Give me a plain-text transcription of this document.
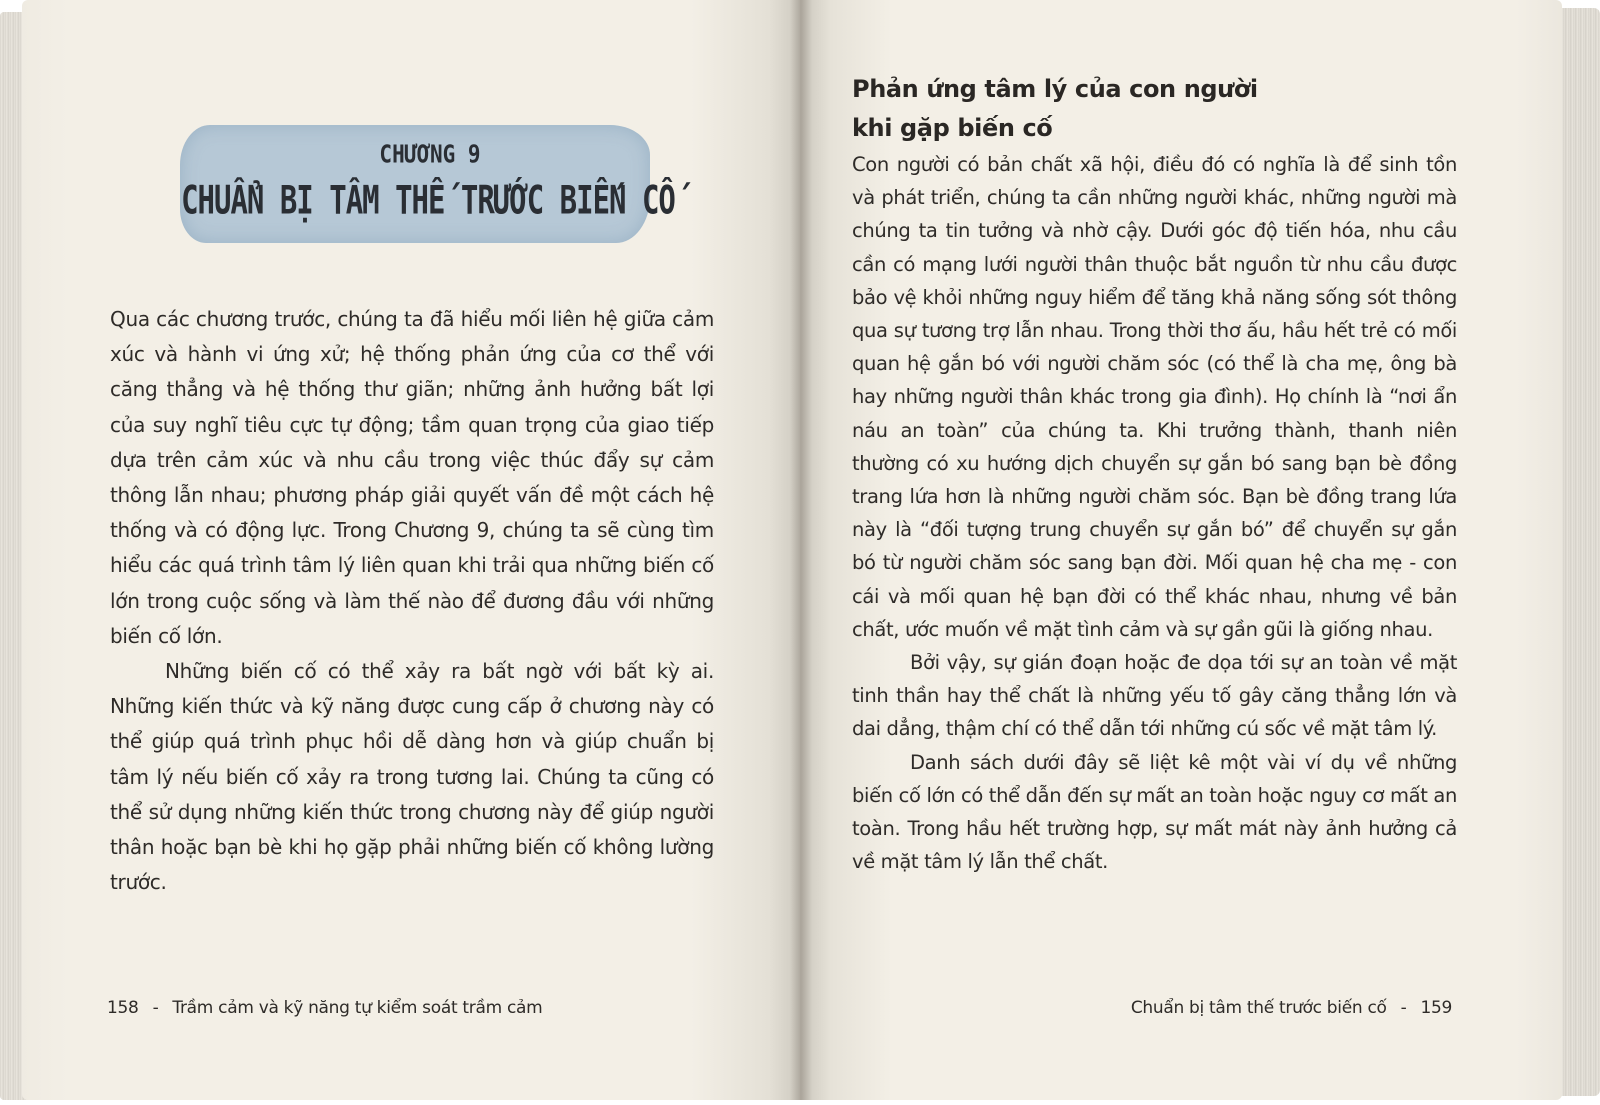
CHƯƠNG 9
CHUẨN BỊ TÂM THẾ TRƯỚC BIẾN CỐ

Qua các chương trước, chúng ta đã hiểu mối liên hệ giữa cảm xúc và hành vi ứng xử; hệ thống phản ứng của cơ thể với căng thẳng và hệ thống thư giãn; những ảnh hưởng bất lợi của suy nghĩ tiêu cực tự động; tầm quan trọng của giao tiếp dựa trên cảm xúc và nhu cầu trong việc thúc đẩy sự cảm thông lẫn nhau; phương pháp giải quyết vấn đề một cách hệ thống và có động lực. Trong Chương 9, chúng ta sẽ cùng tìm hiểu các quá trình tâm lý liên quan khi trải qua những biến cố lớn trong cuộc sống và làm thế nào để đương đầu với những biến cố lớn.

Những biến cố có thể xảy ra bất ngờ với bất kỳ ai. Những kiến thức và kỹ năng được cung cấp ở chương này có thể giúp quá trình phục hồi dễ dàng hơn và giúp chuẩn bị tâm lý nếu biến cố xảy ra trong tương lai. Chúng ta cũng có thể sử dụng những kiến thức trong chương này để giúp người thân hoặc bạn bè khi họ gặp phải những biến cố không lường trước.

158 - Trầm cảm và kỹ năng tự kiểm soát trầm cảm
Phản ứng tâm lý của con người
khi gặp biến cố

Con người có bản chất xã hội, điều đó có nghĩa là để sinh tồn và phát triển, chúng ta cần những người khác, những người mà chúng ta tin tưởng và nhờ cậy. Dưới góc độ tiến hóa, nhu cầu cần có mạng lưới người thân thuộc bắt nguồn từ nhu cầu được bảo vệ khỏi những nguy hiểm để tăng khả năng sống sót thông qua sự tương trợ lẫn nhau. Trong thời thơ ấu, hầu hết trẻ có mối quan hệ gắn bó với người chăm sóc (có thể là cha mẹ, ông bà hay những người thân khác trong gia đình). Họ chính là “nơi ẩn náu an toàn” của chúng ta. Khi trưởng thành, thanh niên thường có xu hướng dịch chuyển sự gắn bó sang bạn bè đồng trang lứa hơn là những người chăm sóc. Bạn bè đồng trang lứa này là “đối tượng trung chuyển sự gắn bó” để chuyển sự gắn bó từ người chăm sóc sang bạn đời. Mối quan hệ cha mẹ - con cái và mối quan hệ bạn đời có thể khác nhau, nhưng về bản chất, ước muốn về mặt tình cảm và sự gần gũi là giống nhau.

Bởi vậy, sự gián đoạn hoặc đe dọa tới sự an toàn về mặt tinh thần hay thể chất là những yếu tố gây căng thẳng lớn và dai dẳng, thậm chí có thể dẫn tới những cú sốc về mặt tâm lý.

Danh sách dưới đây sẽ liệt kê một vài ví dụ về những biến cố lớn có thể dẫn đến sự mất an toàn hoặc nguy cơ mất an toàn. Trong hầu hết trường hợp, sự mất mát này ảnh hưởng cả về mặt tâm lý lẫn thể chất.

Chuẩn bị tâm thế trước biến cố - 159
